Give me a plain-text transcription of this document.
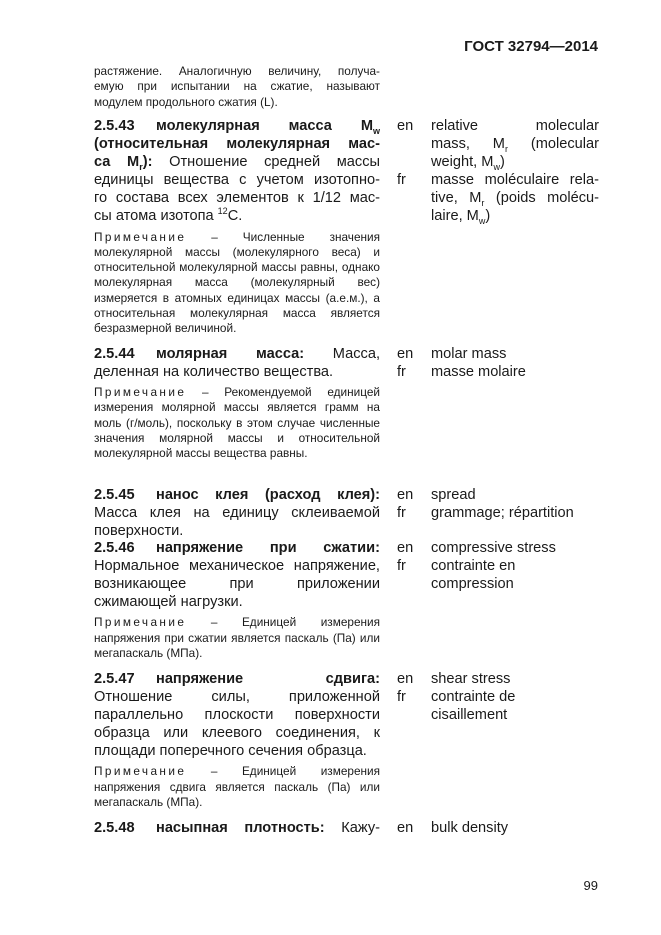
ГОСТ 32794—2014
растяжение. Аналогичную величину, получа-
емую при испытании на сжатие, называют
модулем продольного сжатия (L).
2.5.43 молекулярная масса $M_w$
(относительная молекулярная мас-
са $M_r$): Отношение средней массы
единицы вещества с учетом изотопно-
го состава всех элементов к 1/12 мас-
сы атома изотопа $^{12}$C.
Примечание – Численные значения молекулярной массы (молекулярного веса) и относительной молекулярной массы равны, однако молекулярная масса (молекулярный вес) измеряется в атомных единицах массы (а.е.м.), а относительная молекулярная масса является безразмерной величиной.
en
fr
relative molecular
mass, $M_r$ (molecular
weight, $M_w$)
masse moléculaire rela-
tive, $M_r$ (poids molécu-
laire, $M_w$)
2.5.44 молярная масса: Масса, деленная на количество вещества.
Примечание – Рекомендуемой единицей измерения молярной массы является грамм на моль (г/моль), поскольку в этом случае численные значения молярной массы и относительной молекулярной массы вещества равны.
en
fr
molar mass
masse molaire
2.5.45 нанос клея (расход клея):
Масса клея на единицу склеиваемой поверхности.
en
fr
spread
grammage; répartition
2.5.46 напряжение при сжатии:
Нормальное механическое напряжение, возникающее при приложении сжимающей нагрузки.
Примечание – Единицей измерения напряжения при сжатии является паскаль (Па) или мегапаскаль (МПа).
en
fr
compressive stress
contrainte en
compression
2.5.47 напряжение сдвига: Отношение силы, приложенной параллельно плоскости поверхности образца или клеевого соединения, к площади поперечного сечения образца.
Примечание – Единицей измерения напряжения сдвига является паскаль (Па) или мегапаскаль (МПа).
en
fr
shear stress
contrainte de
cisaillement
2.5.48 насыпная плотность: Кажу- en	bulk density
99
